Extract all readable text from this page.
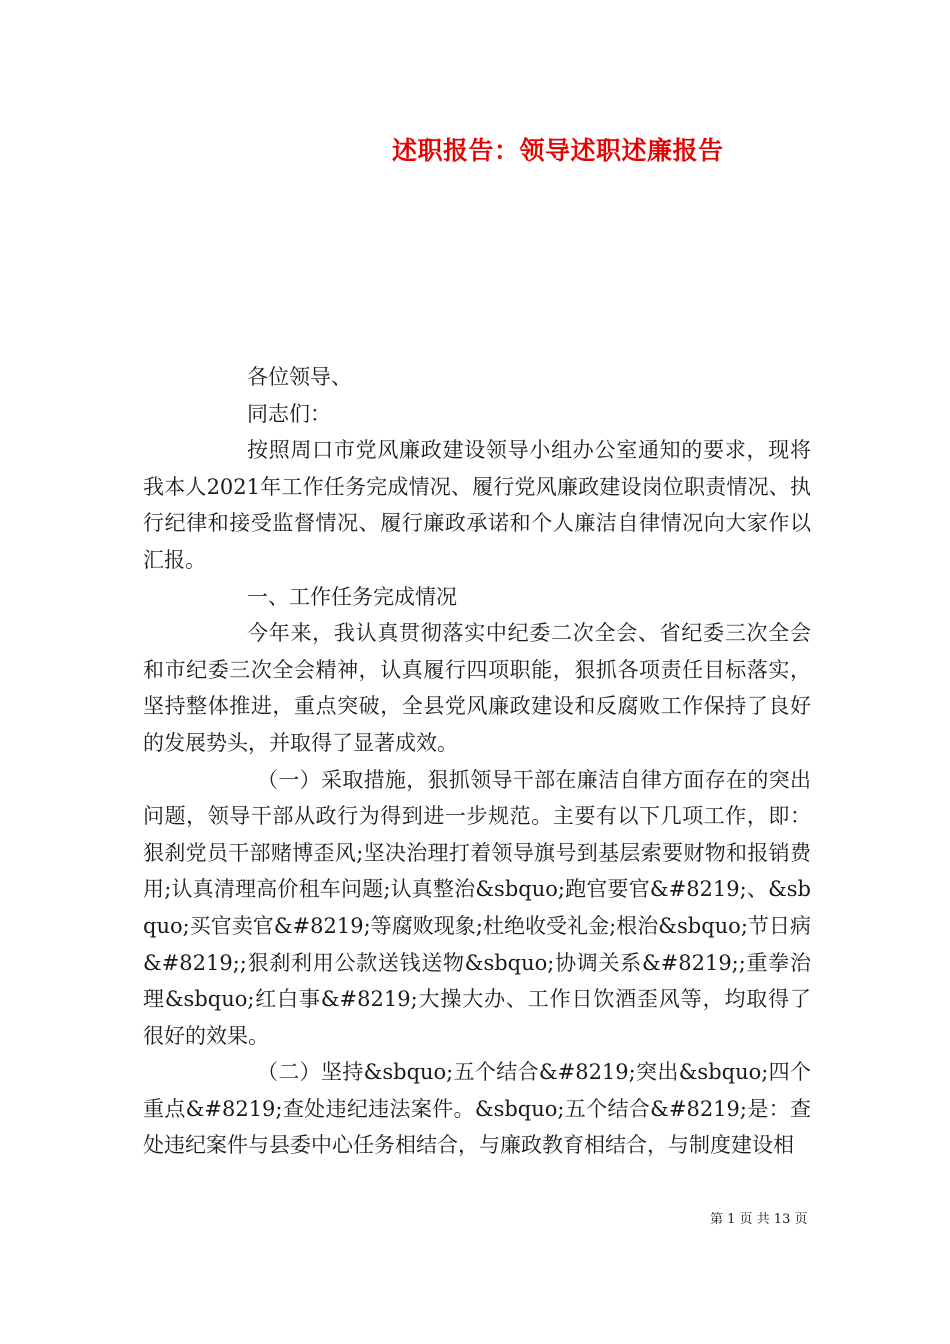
述职报告：领导述职述廉报告

各位领导、

同志们：

按照周口市党风廉政建设领导小组办公室通知的要求，现将我本人2021年工作任务完成情况、履行党风廉政建设岗位职责情况、执行纪律和接受监督情况、履行廉政承诺和个人廉洁自律情况向大家作以汇报。

一、工作任务完成情况

今年来，我认真贯彻落实中纪委二次全会、省纪委三次全会和市纪委三次全会精神，认真履行四项职能，狠抓各项责任目标落实，坚持整体推进，重点突破，全县党风廉政建设和反腐败工作保持了良好的发展势头，并取得了显著成效。

（一）采取措施，狠抓领导干部在廉洁自律方面存在的突出问题，领导干部从政行为得到进一步规范。主要有以下几项工作，即：狠刹党员干部赌博歪风;坚决治理打着领导旗号到基层索要财物和报销费用;认真清理高价租车问题;认真整治&sbquo;跑官要官&#8219;、&sbquo;买官卖官&#8219;等腐败现象;杜绝收受礼金;根治&sbquo;节日病&#8219;;狠刹利用公款送钱送物&sbquo;协调关系&#8219;;重拳治理&sbquo;红白事&#8219;大操大办、工作日饮酒歪风等，均取得了很好的效果。

（二）坚持&sbquo;五个结合&#8219;突出&sbquo;四个重点&#8219;查处违纪违法案件。&sbquo;五个结合&#8219;是：查处违纪案件与县委中心任务相结合，与廉政教育相结合，与制度建设相

第 1 页 共 13 页
